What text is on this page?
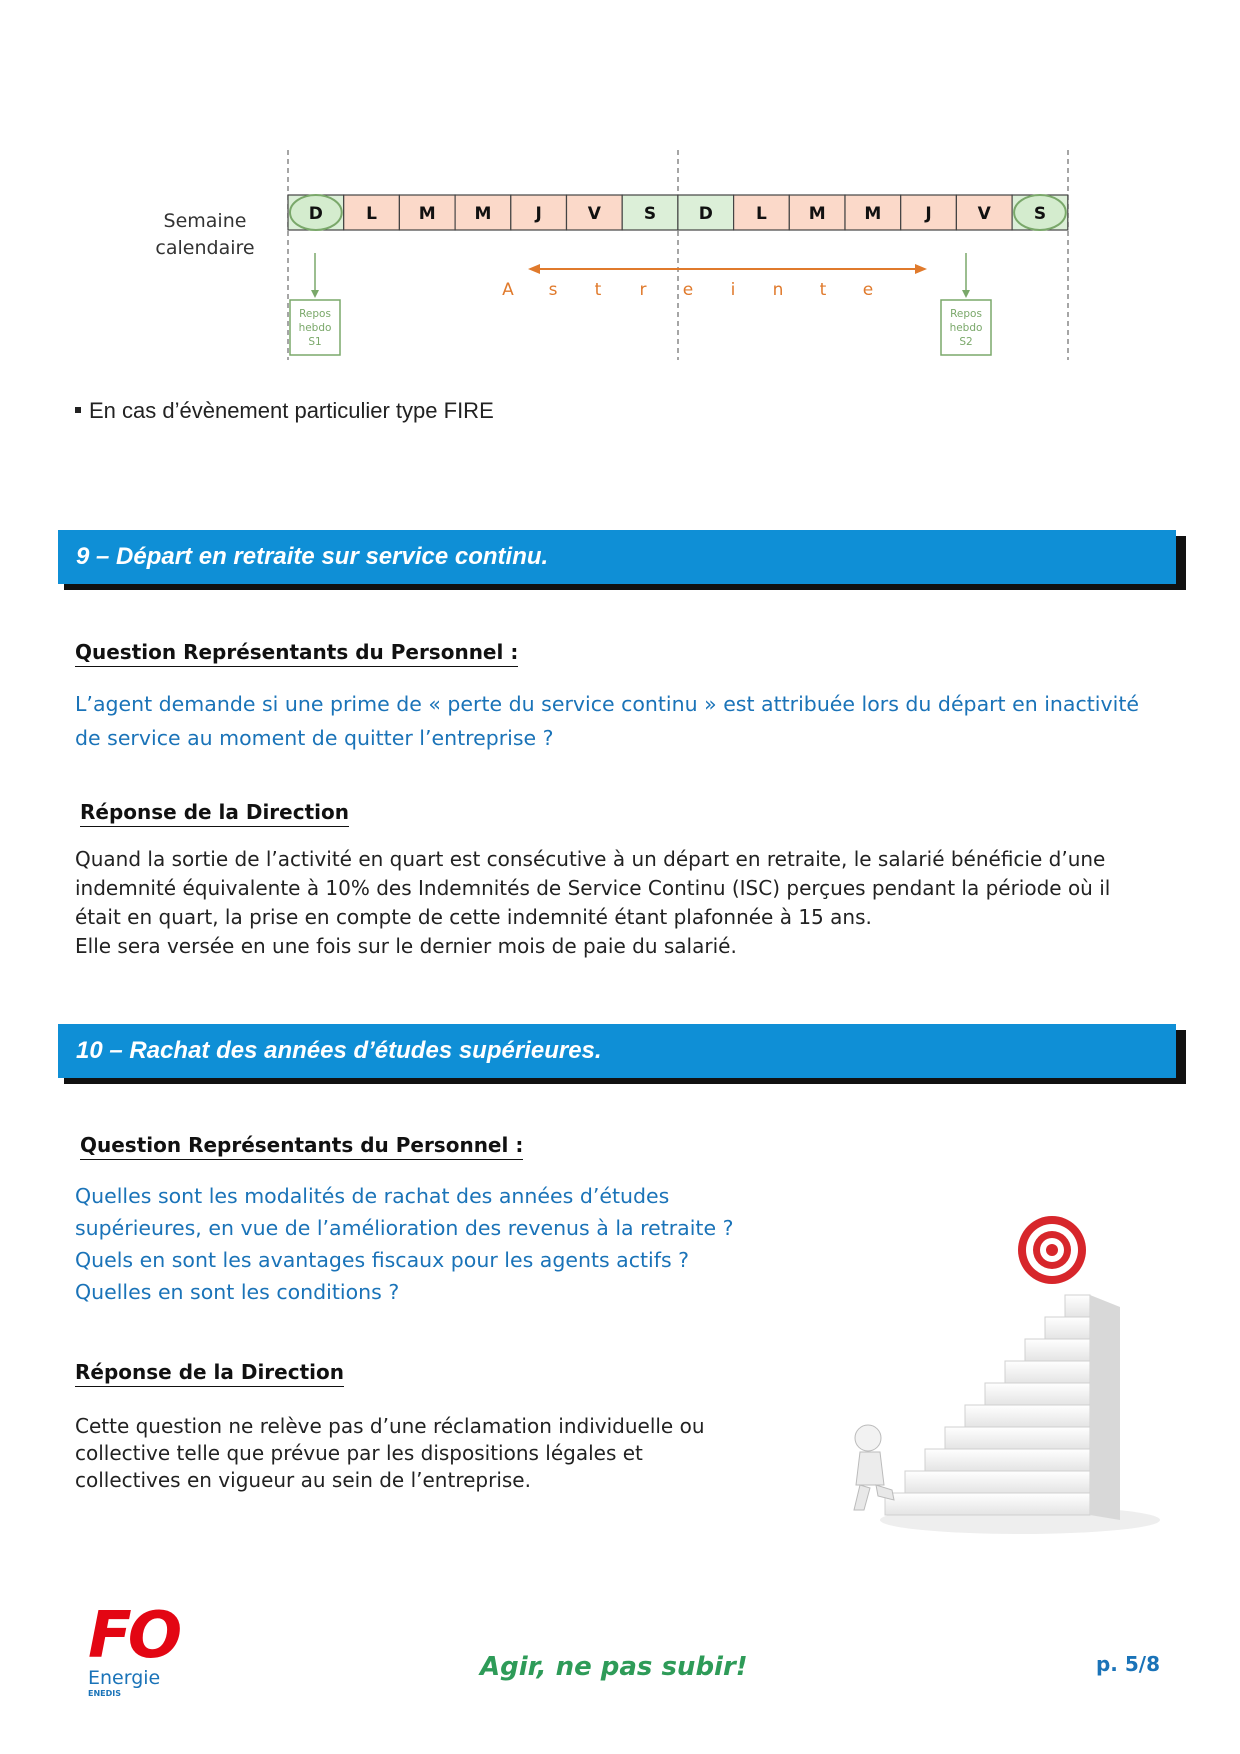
Semaine
calendaire
D	L M M	J	V	S	D	L M M	J	V	S
A s t r e i n t e
Repos
hebdo
S1
Repos
hebdo
S2
En cas d’évènement particulier type FIRE
9 – Départ en retraite sur service continu.
Question Représentants du Personnel :
L’agent demande si une prime de « perte du service continu » est attribuée lors du départ en inactivité
de service au moment de quitter l’entreprise ?
Réponse de la Direction
Quand la sortie de l’activité en quart est consécutive à un départ en retraite, le salarié bénéficie d’une
indemnité équivalente à 10% des Indemnités de Service Continu (ISC) perçues pendant la période où il
était en quart, la prise en compte de cette indemnité étant plafonnée à 15 ans.
Elle sera versée en une fois sur le dernier mois de paie du salarié.
10 – Rachat des années d’études supérieures.
Question Représentants du Personnel :
Quelles sont les modalités de rachat des années d’études
supérieures, en vue de l’amélioration des revenus à la retraite ?
Quels en sont les avantages fiscaux pour les agents actifs ?
Quelles en sont les conditions ?
Réponse de la Direction
Cette question ne relève pas d’une réclamation individuelle ou
collective telle que prévue par les dispositions légales et
collectives en vigueur au sein de l’entreprise.
FO
Energie
ENEDIS
Agir, ne pas subir!	p. 5/8
